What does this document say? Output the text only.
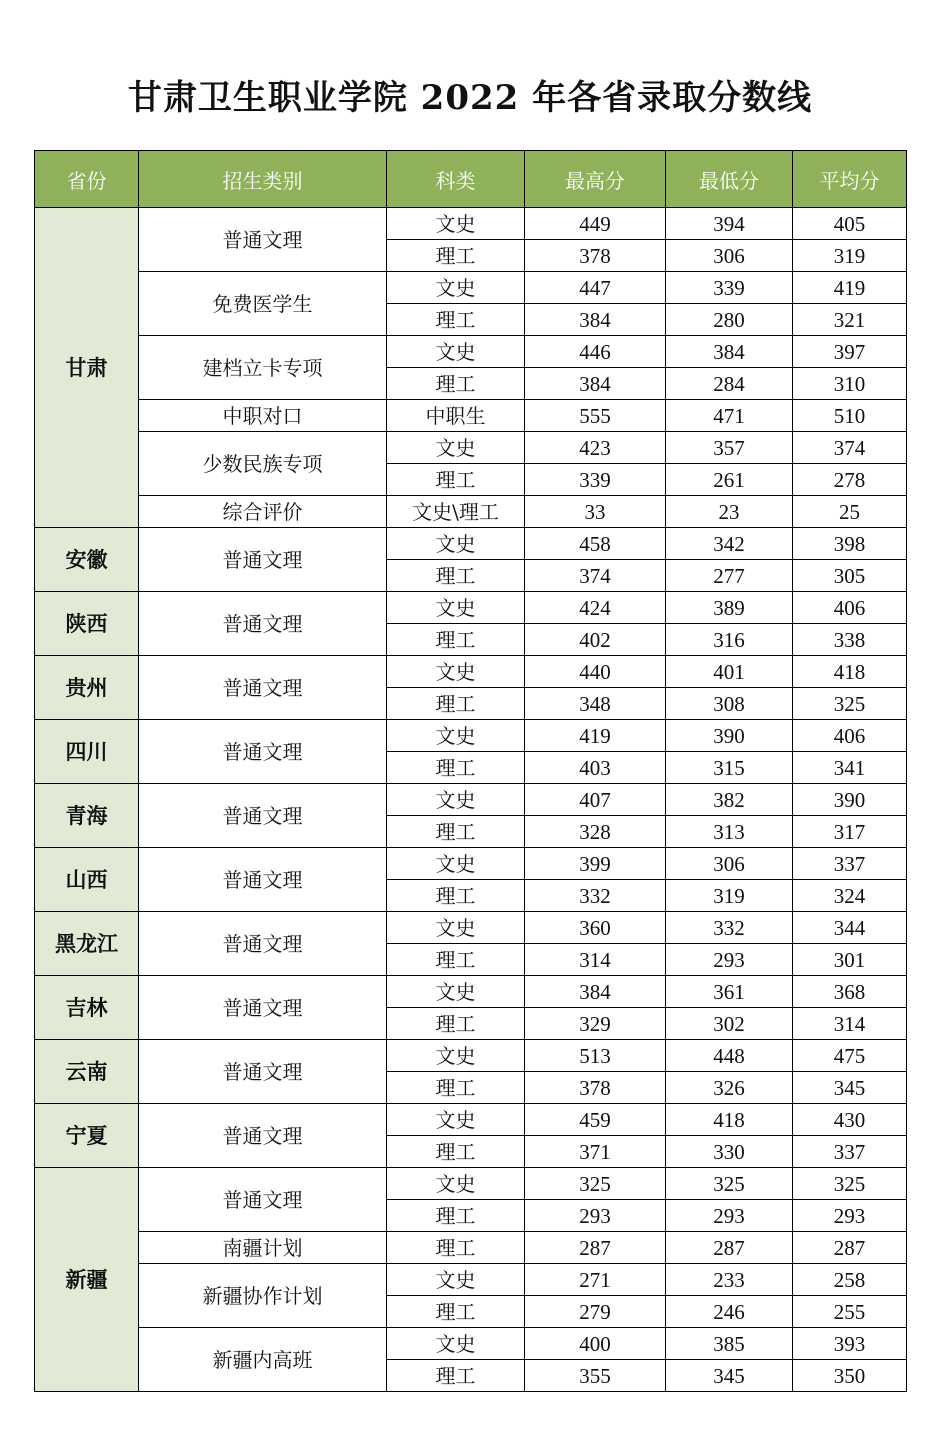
甘肃卫生职业学院 2022 年各省录取分数线
省份	招生类别	科类	最高分	最低分	平均分
甘肃	普通文理	文史	449	394	405
		理工	378	306	319
	免费医学生	文史	447	339	419
		理工	384	280	321
	建档立卡专项	文史	446	384	397
		理工	384	284	310
	中职对口	中职生	555	471	510
	少数民族专项	文史	423	357	374
		理工	339	261	278
	综合评价	文史\理工	33	23	25
安徽	普通文理	文史	458	342	398
		理工	374	277	305
陕西	普通文理	文史	424	389	406
		理工	402	316	338
贵州	普通文理	文史	440	401	418
		理工	348	308	325
四川	普通文理	文史	419	390	406
		理工	403	315	341
青海	普通文理	文史	407	382	390
		理工	328	313	317
山西	普通文理	文史	399	306	337
		理工	332	319	324
黑龙江	普通文理	文史	360	332	344
		理工	314	293	301
吉林	普通文理	文史	384	361	368
		理工	329	302	314
云南	普通文理	文史	513	448	475
		理工	378	326	345
宁夏	普通文理	文史	459	418	430
		理工	371	330	337
新疆	普通文理	文史	325	325	325
		理工	293	293	293
	南疆计划	理工	287	287	287
	新疆协作计划	文史	271	233	258
		理工	279	246	255
	新疆内高班	文史	400	385	393
		理工	355	345	350
